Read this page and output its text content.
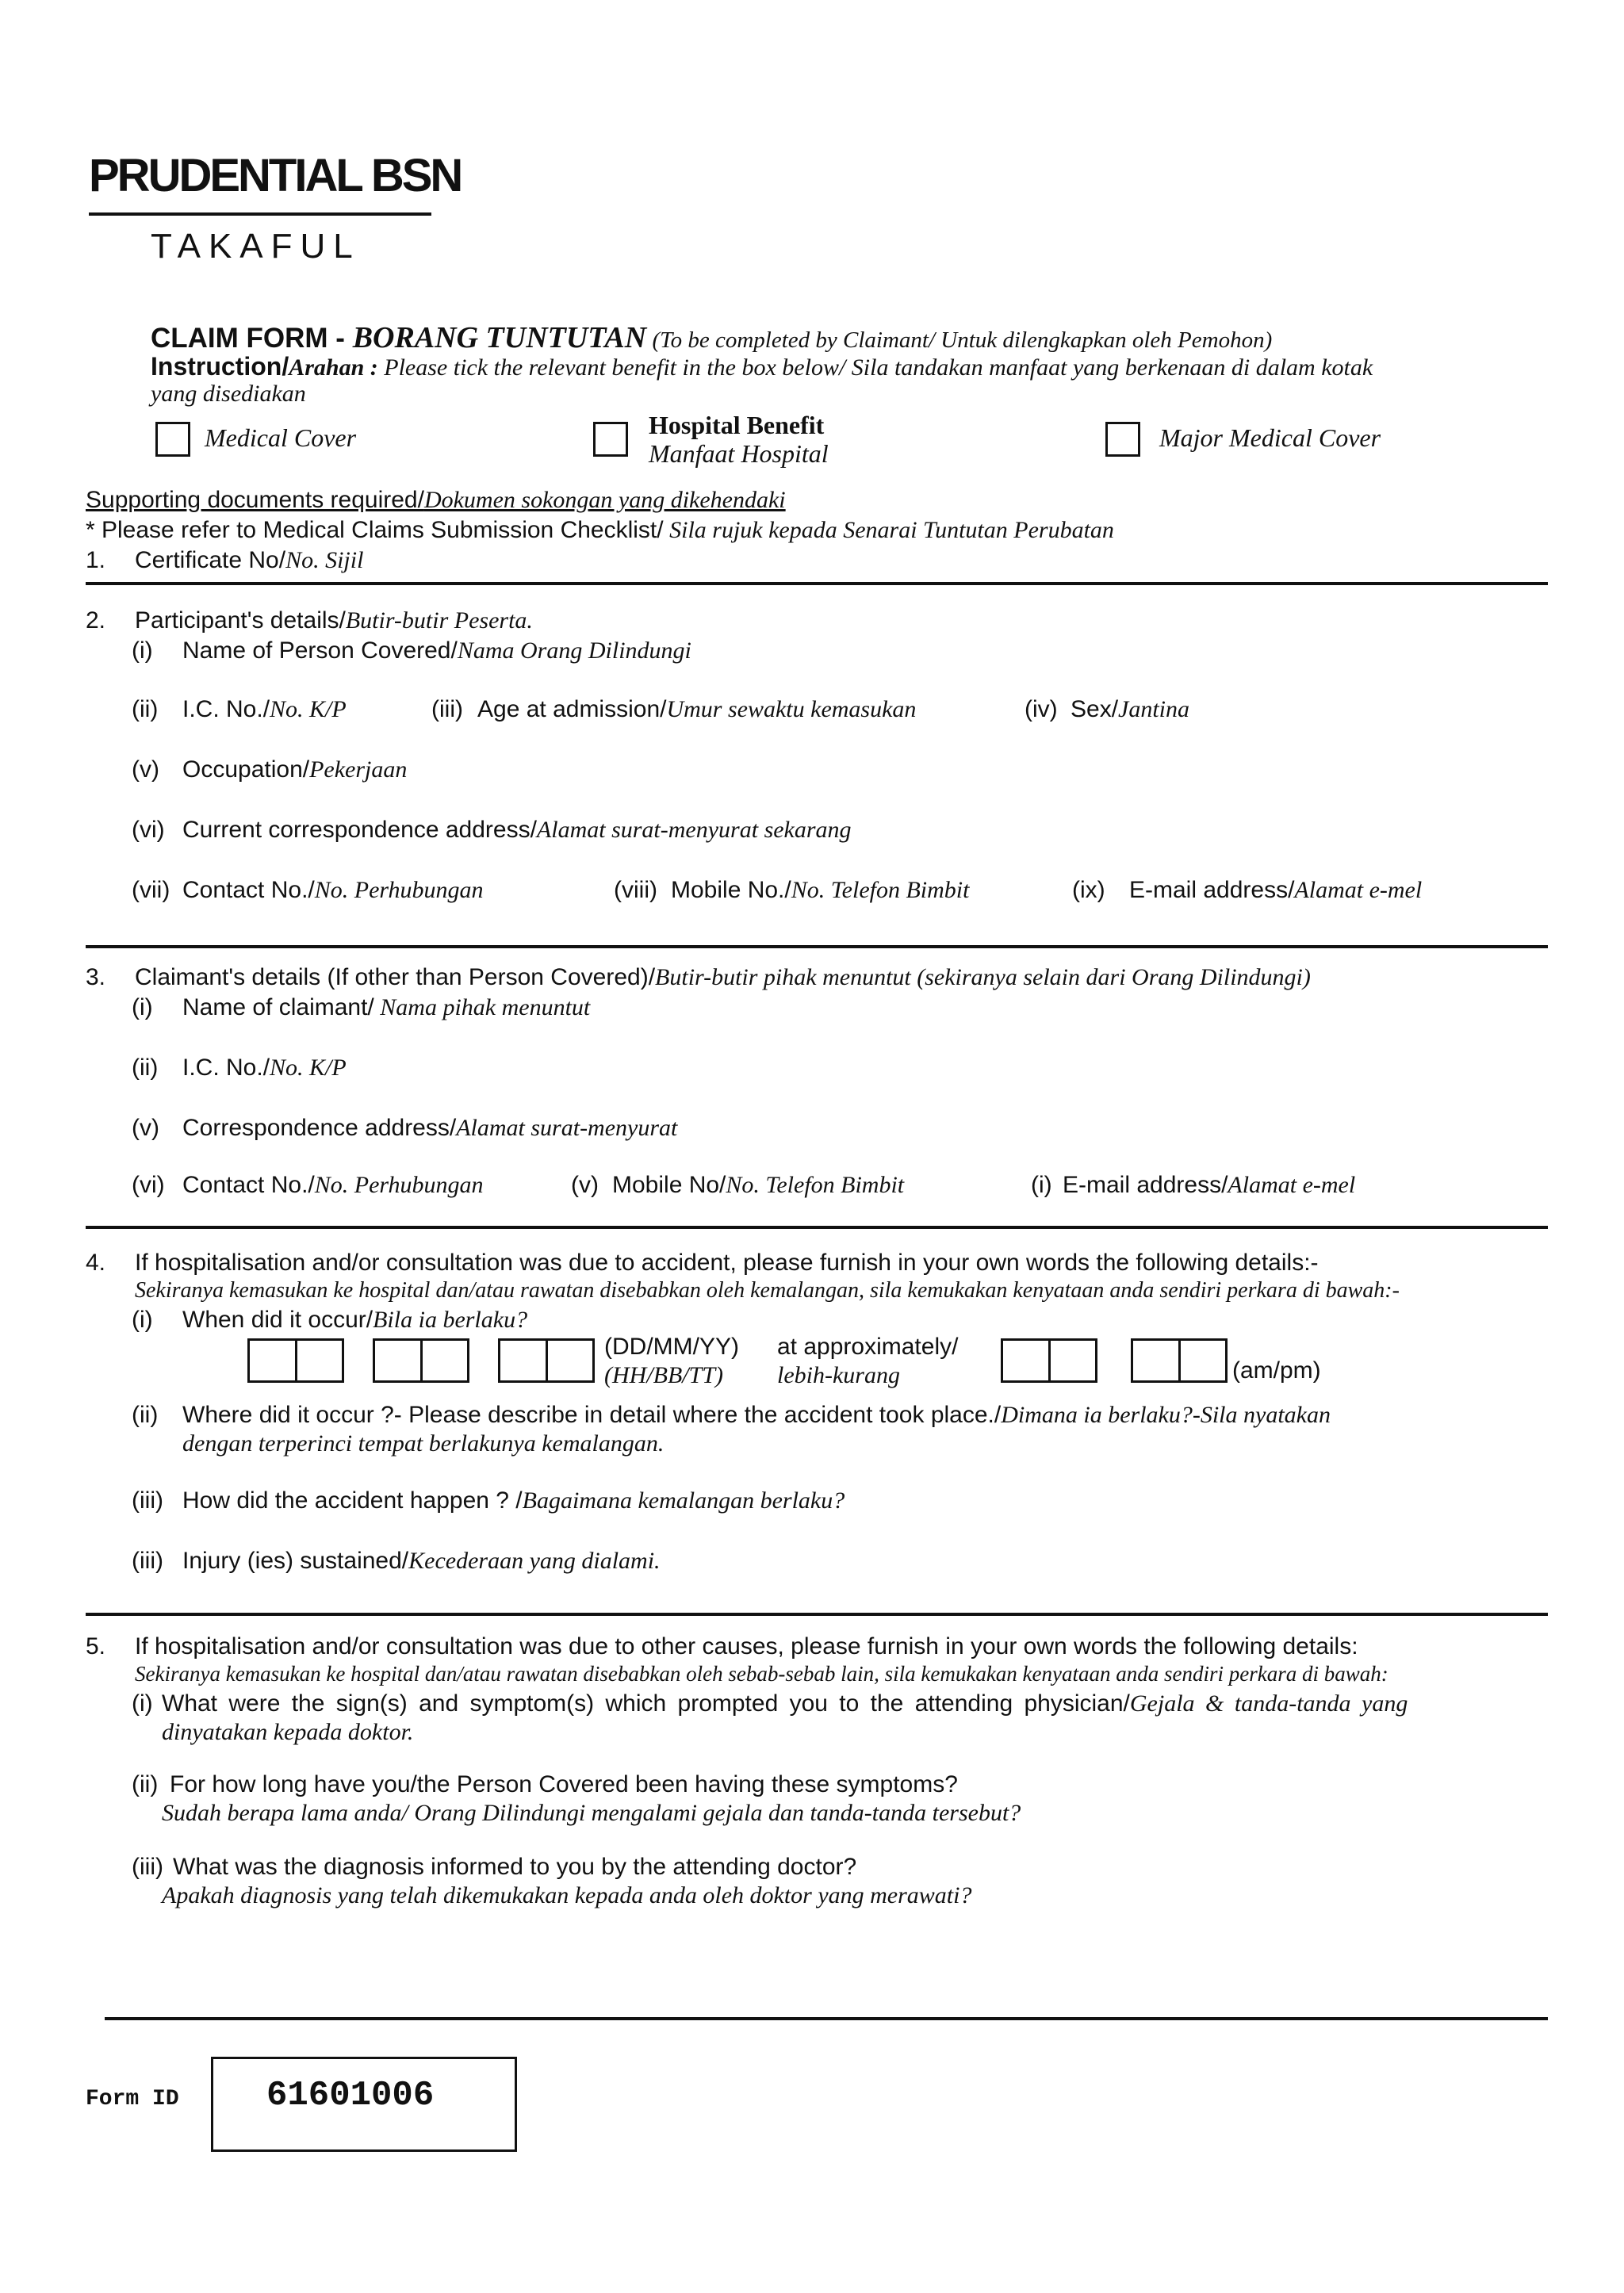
PRUDENTIAL BSN
TAKAFUL
CLAIM FORM - BORANG TUNTUTAN (To be completed by Claimant/ Untuk dilengkapkan oleh Pemohon)
Instruction/Arahan : Please tick the relevant benefit in the box below/ Sila tandakan manfaat yang berkenaan di dalam kotak
yang disediakan
Medical Cover	Hospital Benefit
Manfaat Hospital
Major Medical Cover
Supporting documents required/Dokumen sokongan yang dikehendaki
* Please refer to Medical Claims Submission Checklist/ Sila rujuk kepada Senarai Tuntutan Perubatan
1. Certificate No/No. Sijil
2. Participant's details/Butir-butir Peserta.
(i) Name of Person Covered/Nama Orang Dilindungi
(ii) I.C. No./No. K/P	(iii) Age at admission/Umur sewaktu kemasukan	(iv) Sex/Jantina
(v) Occupation/Pekerjaan
(vi) Current correspondence address/Alamat surat-menyurat sekarang
(vii) Contact No./No. Perhubungan	(viii) Mobile No./No. Telefon Bimbit	(ix) E-mail address/Alamat e-mel
3. Claimant's details (If other than Person Covered)/Butir-butir pihak menuntut (sekiranya selain dari Orang Dilindungi)
(i) Name of claimant/ Nama pihak menuntut
(ii) I.C. No./No. K/P
(v) Correspondence address/Alamat surat-menyurat
(vi) Contact No./No. Perhubungan	(v) Mobile No/No. Telefon Bimbit	(i) E-mail address/Alamat e-mel
4. If hospitalisation and/or consultation was due to accident, please furnish in your own words the following details:-
Sekiranya kemasukan ke hospital dan/atau rawatan disebabkan oleh kemalangan, sila kemukakan kenyataan anda sendiri perkara di bawah:-
(i) When did it occur/Bila ia berlaku?
(DD/MM/YY)
(HH/BB/TT)
at approximately/
lebih-kurang	(am/pm)
(ii) Where did it occur ?- Please describe in detail where the accident took place./Dimana ia berlaku?-Sila nyatakan
dengan terperinci tempat berlakunya kemalangan.
(iii) How did the accident happen ? /Bagaimana kemalangan berlaku?
(iii) Injury (ies) sustained/Kecederaan yang dialami.
5. If hospitalisation and/or consultation was due to other causes, please furnish in your own words the following details:
Sekiranya kemasukan ke hospital dan/atau rawatan disebabkan oleh sebab-sebab lain, sila kemukakan kenyataan anda sendiri perkara di bawah:
(i) What were the sign(s) and symptom(s) which prompted you to the attending physician/Gejala & tanda-tanda yang
dinyatakan kepada doktor.
(ii) For how long have you/the Person Covered been having these symptoms?
Sudah berapa lama anda/ Orang Dilindungi mengalami gejala dan tanda-tanda tersebut?
(iii) What was the diagnosis informed to you by the attending doctor?
Apakah diagnosis yang telah dikemukakan kepada anda oleh doktor yang merawati?
Form ID	61601006
